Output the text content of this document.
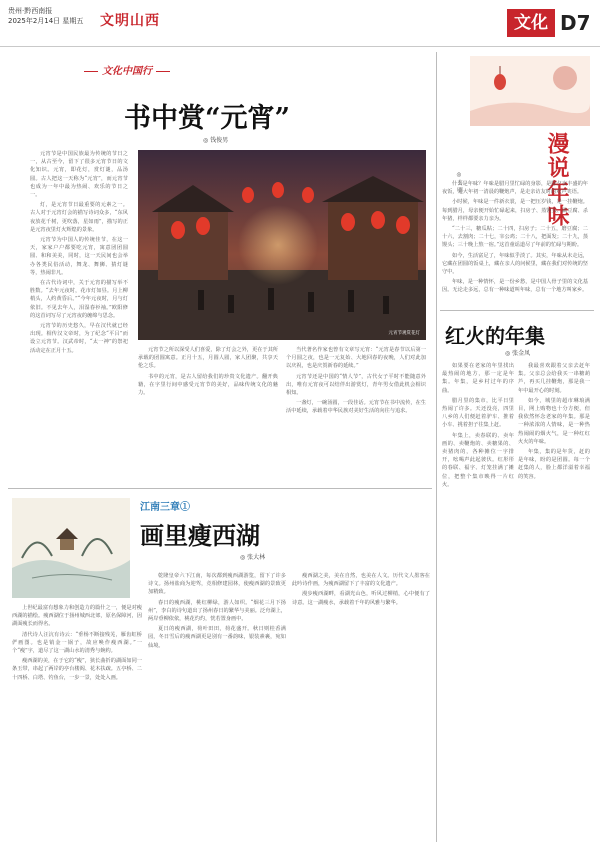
贵州·黔西南报
2025年2月14日 星期五 文明山西	文化 D7
文化中国行
书中赏“元宵”
◎ 钱俊男

元宵节是中国民族最为传统的节日之一，从古至今，留下了很多元宵节日的文化知识。元宵，即花灯，赏灯谜，品汤圆。古人把这一天称为“元宵”，而元宵节也成为一年中最为热闹、欢乐的节日之一。

灯，是元宵节日最重要的元素之一。古人对于元宵灯会的描写诗词众多，“东风夜放花千树，更吹落，星如雨”，描写的正是元宵夜里灯火辉煌的景象。

元宵节为中国人的传统佳节，在这一天，家家户户都要吃元宵，寓意团团圆圆、和和美美，同时，这一天民间也会举办各类民俗活动，舞龙、舞狮、猜灯谜等，热闹非凡。

在古代诗词中，关于元宵的描写举不胜数。“去年元夜时，花市灯如昼。月上柳梢头，人约黄昏后。”“今年元夜时，月与灯依旧。不见去年人，泪湿春衫袖。”欧阳修的这首词写尽了元宵夜的缠绵与思念。

元宵节的历史悠久，早在汉代就已经出现。相传汉文帝时，为了纪念“平吕”而设立元宵节。汉武帝时，“太一神”的祭祀活动定在正月十五。

元宵节观赏花灯

元宵节之所以深受人们喜爱，除了灯会之外，更在于其所承载的团圆寓意。正月十五，月圆人圆，家人团聚，共享天伦之乐。

书中的元宵，是古人留给我们的珍贵文化遗产。翻开典籍，在字里行间中感受元宵节的美好，品味传统文化的魅力。

当代著名作家也曾有文章写元宵：“元宵是春节以后第一个月圆之夜，也是一元复始、大地回春的夜晚，人们对此加以庆祝，也是庆贺新春的延续。”

元宵节还是中国的“情人节”，古代女子平时不能随意外出，唯有元宵夜可以结伴出游赏灯，青年男女借此机会相识相知。

一盏灯，一碗汤圆，一段佳话。元宵节在书中流传，在生活中延续，承载着中华民族对美好生活的向往与追求。

江南三章①
画里瘦西湖
◎ 张大林

上世纪最富有想象力和创造力的篇什之一，便是对瘦西湖的描绘。瘦西湖位于扬州城西北郊，原名保障河，因湖面瘦长而得名。

清代诗人汪沆有诗云：“垂杨不断接残芜，雁齿虹桥俨画图。也是销金一锅子，故应唤作瘦西湖。”一个“瘦”字，道尽了这一湖山水的清秀与婉约。

瘦西湖的美，在于它的“瘦”，狭长曲折的湖面如同一条玉带，串起了两岸的亭台楼阁、花木扶疏。五亭桥、二十四桥、白塔、钓鱼台，一步一景，处处入画。

乾隆皇帝六下江南，每次都到瘦西湖游览，留下了许多诗文。扬州盐商为迎驾，竞相修建园林，使瘦西湖的景致更加精致。

春日的瘦西湖，桃红柳绿，游人如织。“烟花三月下扬州”，李白的诗句道出了扬州春日的繁华与美丽。泛舟湖上，两岸垂柳依依，桃花灼灼，恍若置身画中。

夏日的瘦西湖，荷叶田田，荷花盛开。秋日则桂香满园，冬日雪后的瘦西湖更是别有一番韵味，银装素裹，宛如仙境。

瘦西湖之美，美在自然，也美在人文。历代文人墨客在此吟诗作画，为瘦西湖留下了丰富的文化遗产。

漫步瘦西湖畔，看湖光山色，听风过柳梢，心中便有了诗意。这一湖瘦水，承载着千年的风雅与繁华。

漫说年味
◎ 韦 明

什么是年味？年味是腊月里忙碌的身影，是除夕夜丰盛的年夜饭，是大年初一清晨的鞭炮声，是走亲访友时的欢声笑语。

小时候，年味是一件新衣裳，是一把压岁钱，是一挂鞭炮。每到腊月，母亲便开始忙碌起来，扫房子、蒸馒头、做豆腐、杀年猪，样样都要亲力亲为。

“二十三，糖瓜粘；二十四，扫房子；二十五，磨豆腐；二十六，去割肉；二十七，宰公鸡；二十八，把面发；二十九，蒸馒头；三十晚上熬一宿。”这首童谣道尽了年前的忙碌与期盼。

如今，生活富足了，年味似乎淡了。其实，年味从未走远，它藏在团圆的饭桌上，藏在亲人的问候里，藏在我们对传统的坚守中。

年味，是一种情怀，是一份乡愁，是中国人骨子里的文化基因。无论走多远，总有一种味道叫年味，总有一个地方叫家乡。

红火的年集
◎ 张金凤

如果要在老家的年里找出最热闹的地方，那一定是年集。年集，是乡村过年的序曲。

腊月里的集市，比平日里热闹了许多。天还没亮，四里八乡的人们便赶着驴车、推着小车、挑着担子往集上赶。

年集上，卖春联的、卖年画的、卖鞭炮的、卖糖果的、卖猪肉的，各种摊位一字排开，吆喝声此起彼伏。红彤彤的春联、福字、灯笼挂满了摊位，把整个集市映得一片红火。

我最喜欢跟着父亲去赶年集。父亲总会给我买一串糖葫芦，再买几挂鞭炮，那是我一年中最开心的时刻。

如今，城里的超市琳琅满目，网上购物也十分方便，但我依然怀念老家的年集。那是一种浓浓的人情味，是一种热热闹闹的烟火气，是一种红红火火的年味。

年集，集的是年货，赶的是年味，盼的是团圆。每一个赶集的人，脸上都洋溢着幸福的笑容。
